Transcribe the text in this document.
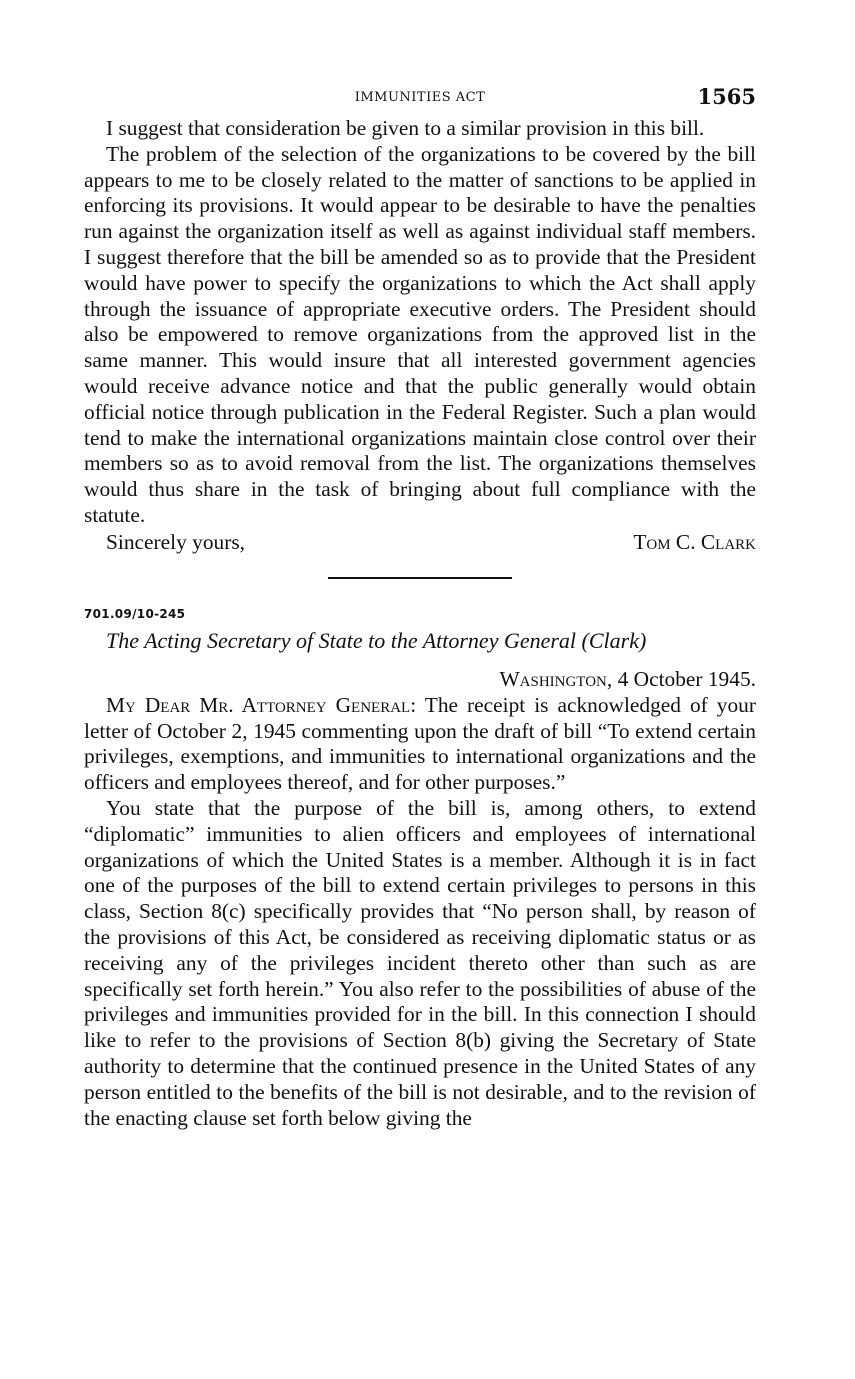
IMMUNITIES ACT	1565

I suggest that consideration be given to a similar provision in this bill.

The problem of the selection of the organizations to be covered by the bill appears to me to be closely related to the matter of sanctions to be applied in enforcing its provisions. It would appear to be desirable to have the penalties run against the organization itself as well as against individual staff members. I suggest therefore that the bill be amended so as to provide that the President would have power to specify the organizations to which the Act shall apply through the issuance of appropriate executive orders. The President should also be empowered to remove organizations from the approved list in the same manner. This would insure that all interested government agencies would receive advance notice and that the public generally would obtain official notice through publication in the Federal Register. Such a plan would tend to make the international organizations maintain close control over their members so as to avoid removal from the list. The organizations themselves would thus share in the task of bringing about full compliance with the statute.

Sincerely yours,	Tom C. Clark
701.09/10-245
The Acting Secretary of State to the Attorney General (Clark)
Washington, 4 October 1945.

My Dear Mr. Attorney General: The receipt is acknowledged of your letter of October 2, 1945 commenting upon the draft of bill “To extend certain privileges, exemptions, and immunities to international organizations and the officers and employees thereof, and for other purposes.”

You state that the purpose of the bill is, among others, to extend “diplomatic” immunities to alien officers and employees of international organizations of which the United States is a member. Although it is in fact one of the purposes of the bill to extend certain privileges to persons in this class, Section 8(c) specifically provides that “No person shall, by reason of the provisions of this Act, be considered as receiving diplomatic status or as receiving any of the privileges incident thereto other than such as are specifically set forth herein.” You also refer to the possibilities of abuse of the privileges and immunities provided for in the bill. In this connection I should like to refer to the provisions of Section 8(b) giving the Secretary of State authority to determine that the continued presence in the United States of any person entitled to the benefits of the bill is not desirable, and to the revision of the enacting clause set forth below giving the
